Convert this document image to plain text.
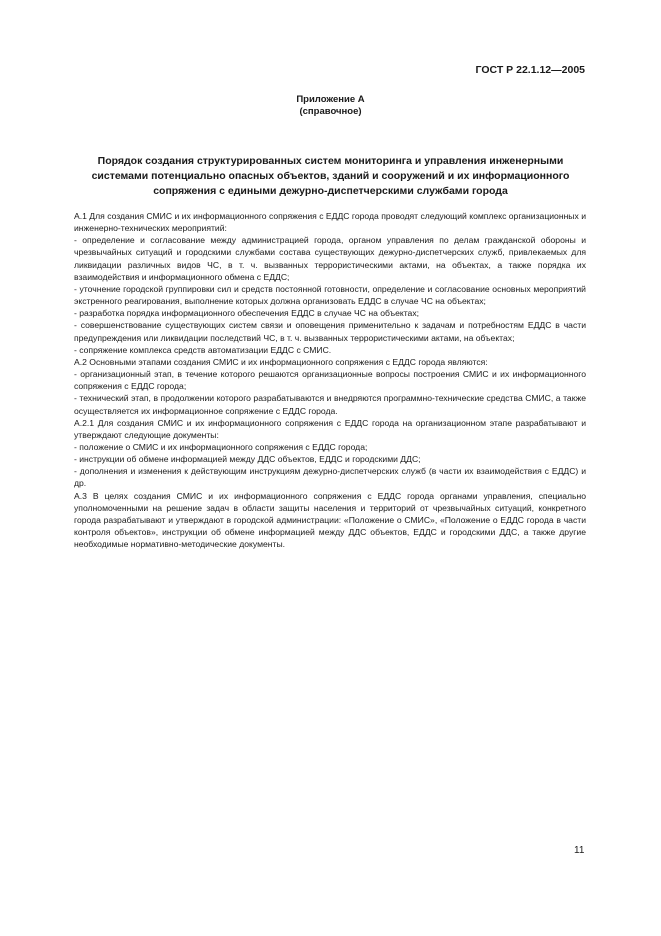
ГОСТ Р 22.1.12—2005
Приложение А
(справочное)
Порядок создания структурированных систем мониторинга и управления инженерными
системами потенциально опасных объектов, зданий и сооружений и их информационного
сопряжения с едиными дежурно-диспетчерскими службами города

А.1 Для создания СМИС и их информационного сопряжения с ЕДДС города проводят следующий комплекс организационных и инженерно-технических мероприятий:

- определение и согласование между администрацией города, органом управления по делам гражданской обороны и чрезвычайных ситуаций и городскими службами состава существующих дежурно-диспетчерских служб, привлекаемых для ликвидации различных видов ЧС, в т. ч. вызванных террористическими актами, на объектах, а также порядка их взаимодействия и информационного обмена с ЕДДС;

- уточнение городской группировки сил и средств постоянной готовности, определение и согласование основных мероприятий экстренного реагирования, выполнение которых должна организовать ЕДДС в случае ЧС на объектах;

- разработка порядка информационного обеспечения ЕДДС в случае ЧС на объектах;

- совершенствование существующих систем связи и оповещения применительно к задачам и потребностям ЕДДС в части предупреждения или ликвидации последствий ЧС, в т. ч. вызванных террористическими актами, на объектах;

- сопряжение комплекса средств автоматизации ЕДДС с СМИС.

А.2 Основными этапами создания СМИС и их информационного сопряжения с ЕДДС города являются:

- организационный этап, в течение которого решаются организационные вопросы построения СМИС и их информационного сопряжения с ЕДДС города;

- технический этап, в продолжении которого разрабатываются и внедряются программно-технические средства СМИС, а также осуществляется их информационное сопряжение с ЕДДС города.

А.2.1 Для создания СМИС и их информационного сопряжения с ЕДДС города на организационном этапе разрабатывают и утверждают следующие документы:

- положение о СМИС и их информационного сопряжения с ЕДДС города;

- инструкции об обмене информацией между ДДС объектов, ЕДДС и городскими ДДС;

- дополнения и изменения к действующим инструкциям дежурно-диспетчерских служб (в части их взаимодействия с ЕДДС) и др.

А.3 В целях создания СМИС и их информационного сопряжения с ЕДДС города органами управления, специально уполномоченными на решение задач в области защиты населения и территорий от чрезвычайных ситуаций, конкретного города разрабатывают и утверждают в городской администрации: «Положение о СМИС», «Положение о ЕДДС города в части контроля объектов», инструкции об обмене информацией между ДДС объектов, ЕДДС и городскими ДДС, а также другие необходимые нормативно-методические документы.

11
